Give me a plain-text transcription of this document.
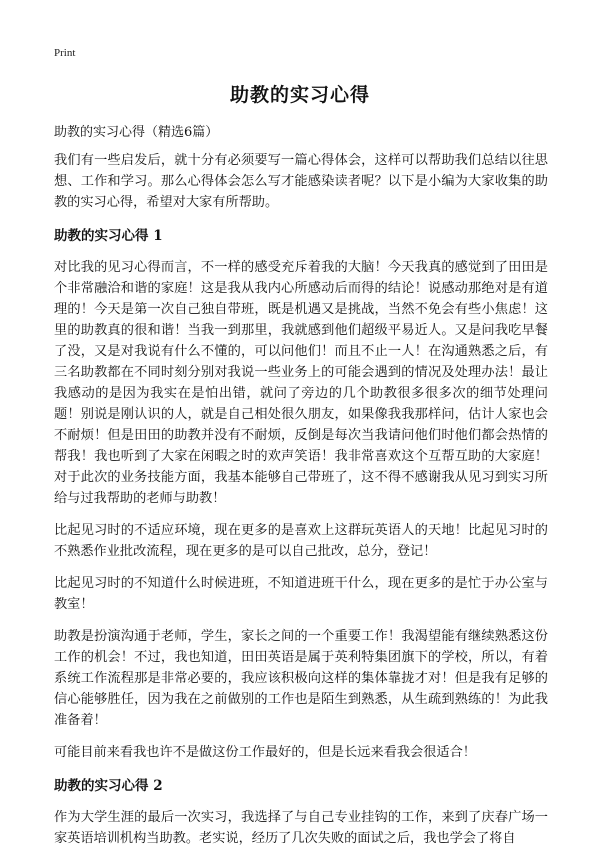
Print
助教的实习心得
助教的实习心得（精选6篇）

我们有一些启发后，就十分有必须要写一篇心得体会，这样可以帮助我们总结以往思想、工作和学习。那么心得体会怎么写才能感染读者呢？以下是小编为大家收集的助教的实习心得，希望对大家有所帮助。

助教的实习心得 1

对比我的见习心得而言，不一样的感受充斥着我的大脑！今天我真的感觉到了田田是个非常融洽和谐的家庭！这是我从我内心所感动后而得的结论！说感动那绝对是有道理的！今天是第一次自己独自带班，既是机遇又是挑战，当然不免会有些小焦虑！这里的助教真的很和谐！当我一到那里，我就感到他们超级平易近人。又是问我吃早餐了没，又是对我说有什么不懂的，可以问他们！而且不止一人！在沟通熟悉之后，有三名助教都在不同时刻分别对我说一些业务上的可能会遇到的情况及处理办法！最让我感动的是因为我实在是怕出错，就问了旁边的几个助教很多很多次的细节处理问题！别说是刚认识的人，就是自己相处很久朋友，如果像我我那样问，估计人家也会不耐烦！但是田田的助教并没有不耐烦，反倒是每次当我请问他们时他们都会热情的帮我！我也听到了大家在闲暇之时的欢声笑语！我非常喜欢这个互帮互助的大家庭！对于此次的业务技能方面，我基本能够自己带班了，这不得不感谢我从见习到实习所给与过我帮助的老师与助教！

比起见习时的不适应环境，现在更多的是喜欢上这群玩英语人的天地！比起见习时的不熟悉作业批改流程，现在更多的是可以自己批改，总分，登记！

比起见习时的不知道什么时候进班，不知道进班干什么，现在更多的是忙于办公室与教室！

助教是扮演沟通于老师，学生，家长之间的一个重要工作！我渴望能有继续熟悉这份工作的机会！不过，我也知道，田田英语是属于英利特集团旗下的学校，所以，有着系统工作流程那是非常必要的，我应该积极向这样的集体靠拢才对！但是我有足够的信心能够胜任，因为我在之前做别的工作也是陌生到熟悉，从生疏到熟练的！为此我准备着！

可能目前来看我也许不是做这份工作最好的，但是长远来看我会很适合！

助教的实习心得 2

作为大学生涯的最后一次实习，我选择了与自己专业挂钩的工作，来到了庆春广场一家英语培训机构当助教。老实说，经历了几次失败的面试之后，我也学会了将自
